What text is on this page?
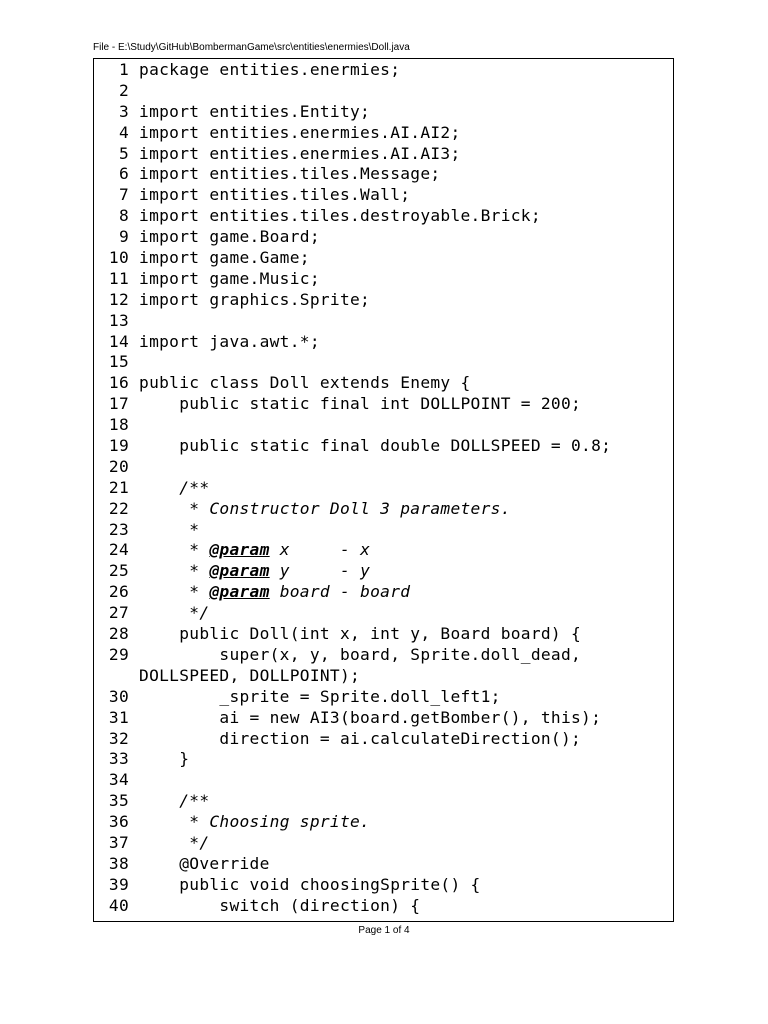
File - E:\Study\GitHub\BombermanGame\src\entities\enermies\Doll.java
1 package entities.enermies;
2
3 import entities.Entity;
4 import entities.enermies.AI.AI2;
5 import entities.enermies.AI.AI3;
6 import entities.tiles.Message;
7 import entities.tiles.Wall;
8 import entities.tiles.destroyable.Brick;
9 import game.Board;
10 import game.Game;
11 import game.Music;
12 import graphics.Sprite;
13
14 import java.awt.*;
15
16 public class Doll extends Enemy {
17     public static final int DOLLPOINT = 200;
18
19     public static final double DOLLSPEED = 0.8;
20
21	/**
22	* Constructor Doll 3 parameters.
23	*
24	* @param x     - x
25	* @param y     - y
26	* @param board - board
27	*/
28     public Doll(int x, int y, Board board) {
29         super(x, y, board, Sprite.doll_dead,
DOLLSPEED, DOLLPOINT);
30         _sprite = Sprite.doll_left1;
31         ai = new AI3(board.getBomber(), this);
32         direction = ai.calculateDirection();
33     }
34
35	/**
36	* Choosing sprite.
37	*/
38     @Override
39     public void choosingSprite() {
40         switch (direction) {
Page 1 of 4
